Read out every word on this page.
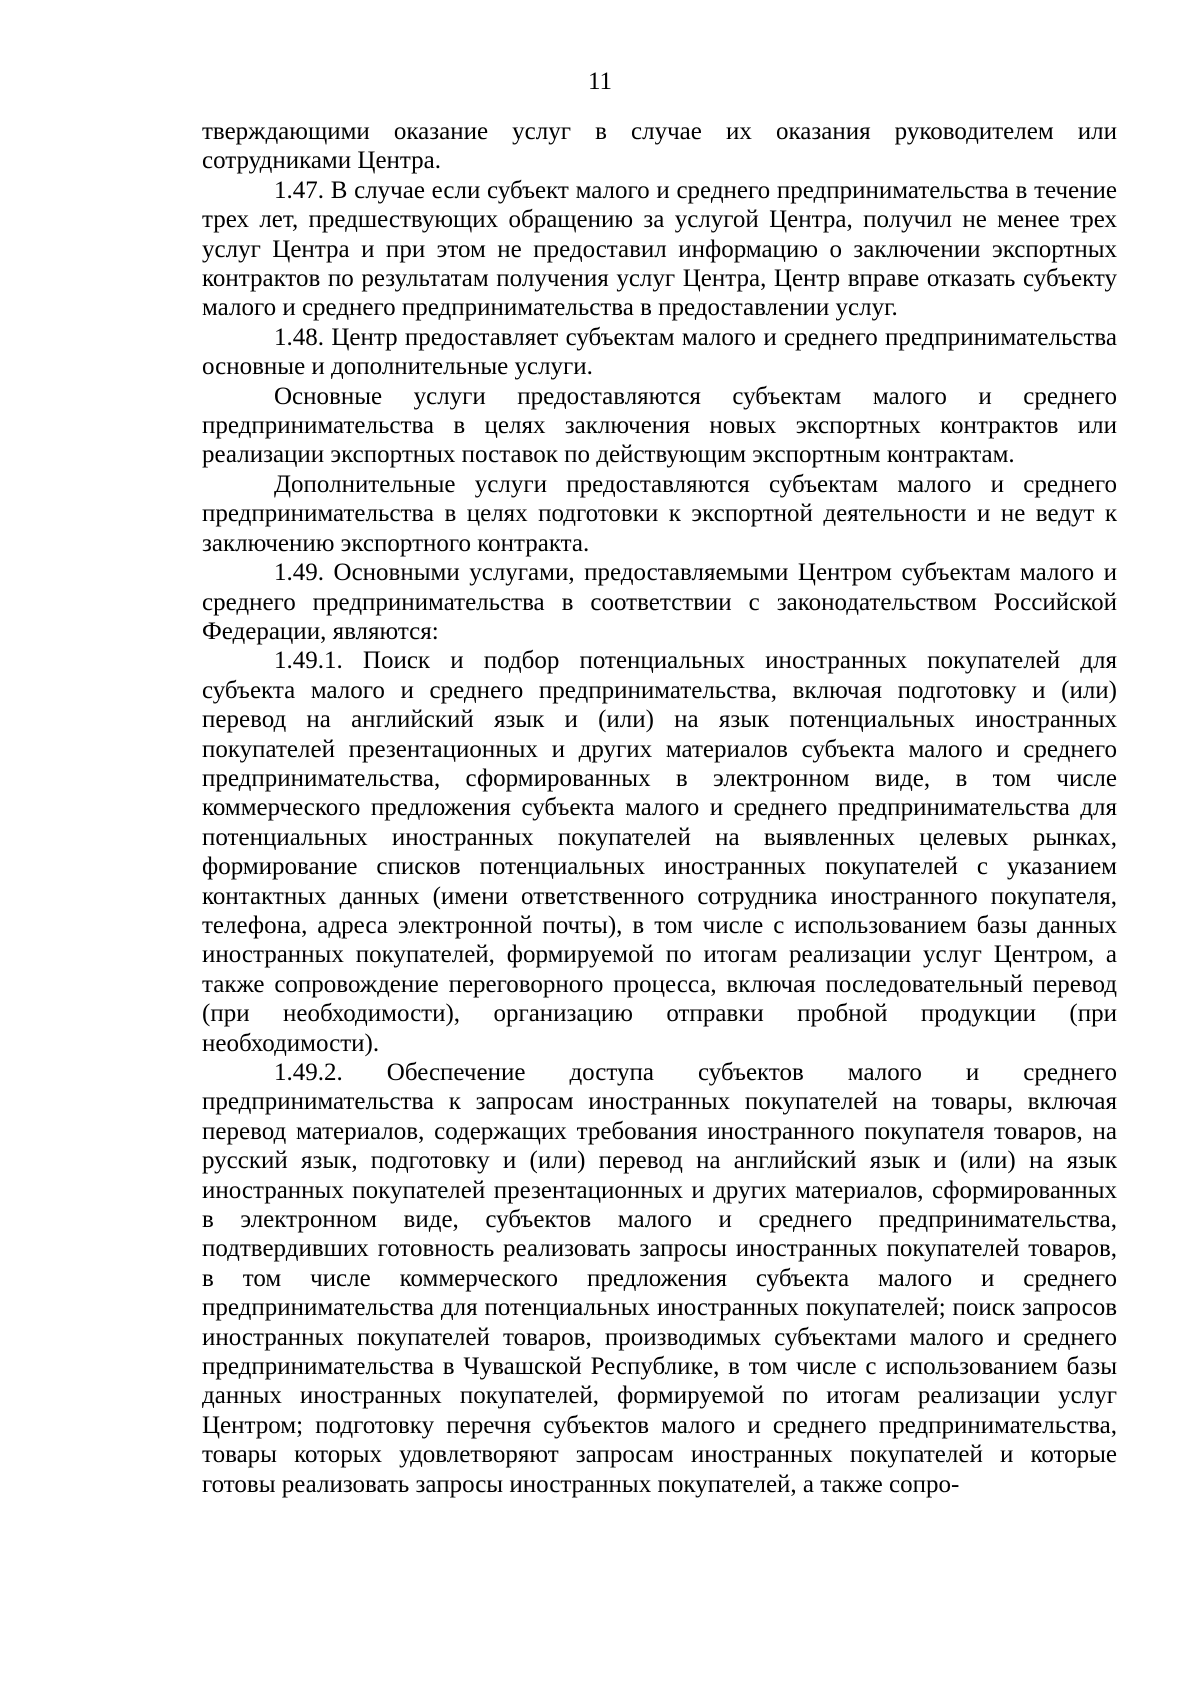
11

тверждающими оказание услуг в случае их оказания руководителем или сотрудниками Центра.

1.47. В случае если субъект малого и среднего предпринимательства в течение трех лет, предшествующих обращению за услугой Центра, получил не менее трех услуг Центра и при этом не предоставил информацию о заключении экспортных контрактов по результатам получения услуг Центра, Центр вправе отказать субъекту малого и среднего предпринимательства в предоставлении услуг.

1.48. Центр предоставляет субъектам малого и среднего предпринимательства основные и дополнительные услуги.

Основные услуги предоставляются субъектам малого и среднего предпринимательства в целях заключения новых экспортных контрактов или реализации экспортных поставок по действующим экспортным контрактам.

Дополнительные услуги предоставляются субъектам малого и среднего предпринимательства в целях подготовки к экспортной деятельности и не ведут к заключению экспортного контракта.

1.49. Основными услугами, предоставляемыми Центром субъектам малого и среднего предпринимательства в соответствии с законодательством Российской Федерации, являются:

1.49.1. Поиск и подбор потенциальных иностранных покупателей для субъекта малого и среднего предпринимательства, включая подготовку и (или) перевод на английский язык и (или) на язык потенциальных иностранных покупателей презентационных и других материалов субъекта малого и среднего предпринимательства, сформированных в электронном виде, в том числе коммерческого предложения субъекта малого и среднего предпринимательства для потенциальных иностранных покупателей на выявленных целевых рынках, формирование списков потенциальных иностранных покупателей с указанием контактных данных (имени ответственного сотрудника иностранного покупателя, телефона, адреса электронной почты), в том числе с использованием базы данных иностранных покупателей, формируемой по итогам реализации услуг Центром, а также сопровождение переговорного процесса, включая последовательный перевод (при необходимости), организацию отправки пробной продукции (при необходимости).

1.49.2. Обеспечение доступа субъектов малого и среднего предпринимательства к запросам иностранных покупателей на товары, включая перевод материалов, содержащих требования иностранного покупателя товаров, на русский язык, подготовку и (или) перевод на английский язык и (или) на язык иностранных покупателей презентационных и других материалов, сформированных в электронном виде, субъектов малого и среднего предпринимательства, подтвердивших готовность реализовать запросы иностранных покупателей товаров, в том числе коммерческого предложения субъекта малого и среднего предпринимательства для потенциальных иностранных покупателей; поиск запросов иностранных покупателей товаров, производимых субъектами малого и среднего предпринимательства в Чувашской Республике, в том числе с использованием базы данных иностранных покупателей, формируемой по итогам реализации услуг Центром; подготовку перечня субъектов малого и среднего предпринимательства, товары которых удовлетворяют запросам иностранных покупателей и которые готовы реализовать запросы иностранных покупателей, а также сопро-
